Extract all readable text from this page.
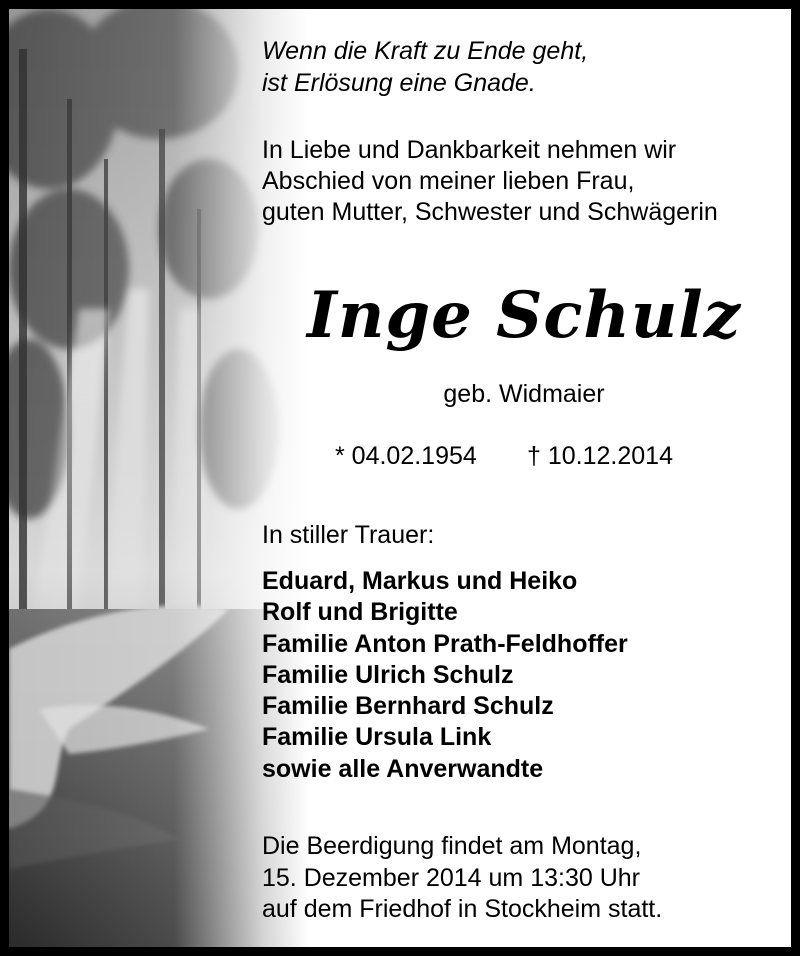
Wenn die Kraft zu Ende geht,
ist Erlösung eine Gnade.
In Liebe und Dankbarkeit nehmen wir
Abschied von meiner lieben Frau,
guten Mutter, Schwester und Schwägerin
Inge Schulz
geb. Widmaier
* 04.02.1954 † 10.12.2014
In stiller Trauer:
Eduard, Markus und Heiko
Rolf und Brigitte
Familie Anton Prath-Feldhoffer
Familie Ulrich Schulz
Familie Bernhard Schulz
Familie Ursula Link
sowie alle Anverwandte
Die Beerdigung findet am Montag,
15. Dezember 2014 um 13:30 Uhr
auf dem Friedhof in Stockheim statt.
